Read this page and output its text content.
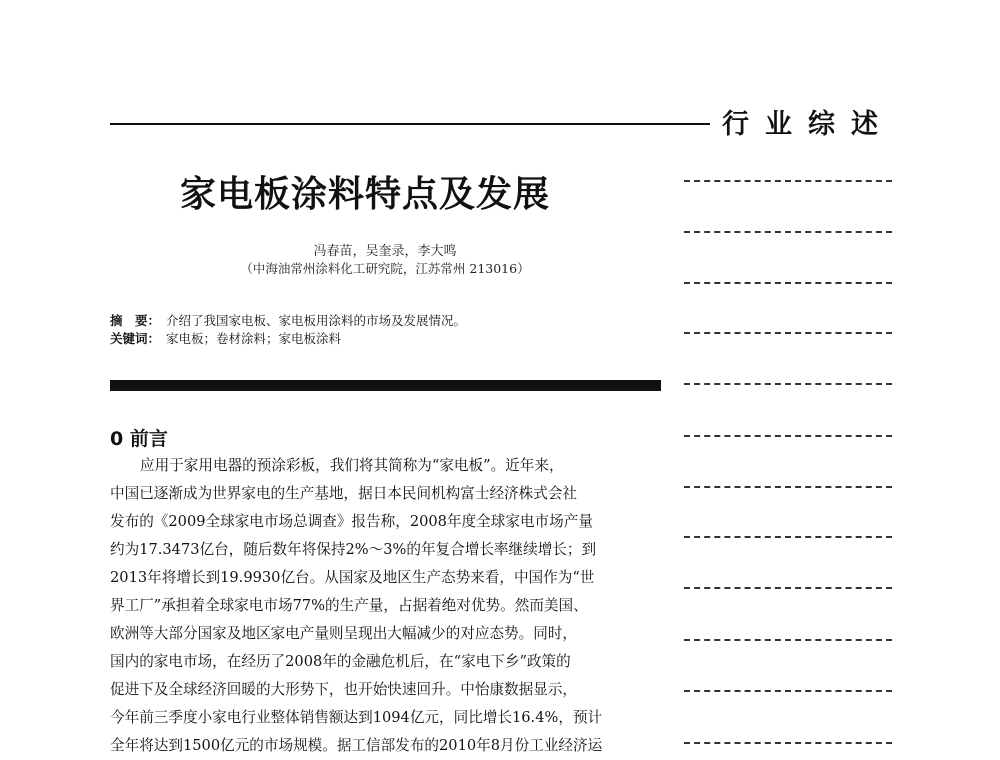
行业综述
家电板涂料特点及发展
冯春苗，吴奎录，李大鸣
（中海油常州涂料化工研究院，江苏常州 213016）
摘　要： 介绍了我国家电板、家电板用涂料的市场及发展情况。
关键词： 家电板；卷材涂料；家电板涂料
0 前言
应用于家用电器的预涂彩板，我们将其简称为“家电板”。近年来，
中国已逐渐成为世界家电的生产基地，据日本民间机构富士经济株式会社
发布的《2009全球家电市场总调查》报告称，2008年度全球家电市场产量
约为17.3473亿台，随后数年将保持2%～3%的年复合增长率继续增长；到
2013年将增长到19.9930亿台。从国家及地区生产态势来看，中国作为“世
界工厂”承担着全球家电市场77%的生产量，占据着绝对优势。然而美国、
欧洲等大部分国家及地区家电产量则呈现出大幅减少的对应态势。同时，
国内的家电市场，在经历了2008年的金融危机后，在“家电下乡”政策的
促进下及全球经济回暖的大形势下，也开始快速回升。中怡康数据显示，
今年前三季度小家电行业整体销售额达到1094亿元，同比增长16.4%，预计
全年将达到1500亿元的市场规模。据工信部发布的2010年8月份工业经济运
